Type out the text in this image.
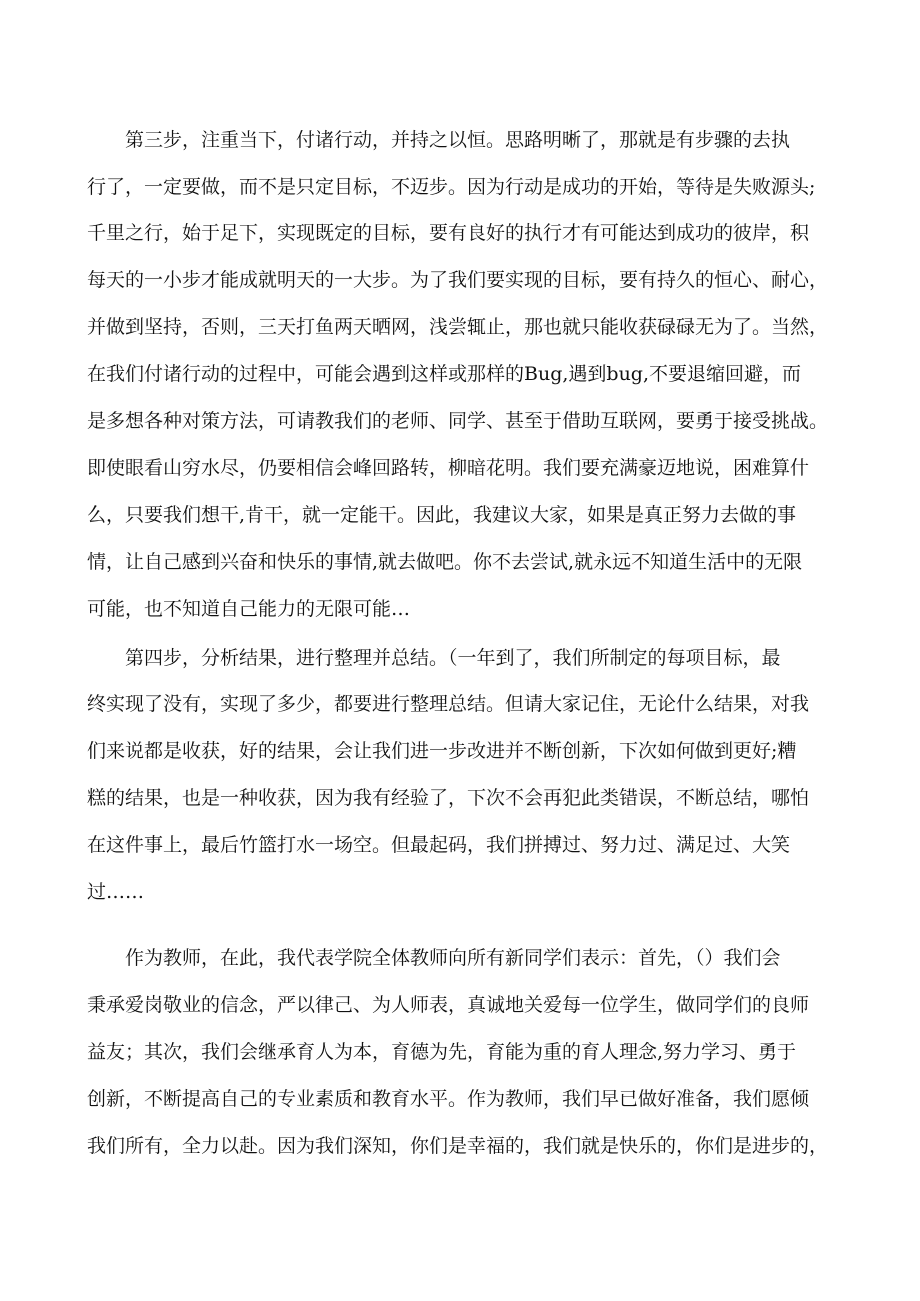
　　第三步，注重当下，付诸行动，并持之以恒。思路明晰了，那就是有步骤的去执
行了，一定要做，而不是只定目标，不迈步。因为行动是成功的开始，等待是失败源头;
千里之行，始于足下，实现既定的目标，要有良好的执行才有可能达到成功的彼岸，积
每天的一小步才能成就明天的一大步。为了我们要实现的目标，要有持久的恒心、耐心，
并做到坚持，否则，三天打鱼两天晒网，浅尝辄止，那也就只能收获碌碌无为了。当然，
在我们付诸行动的过程中，可能会遇到这样或那样的Bug,遇到bug,不要退缩回避，而
是多想各种对策方法，可请教我们的老师、同学、甚至于借助互联网，要勇于接受挑战。
即使眼看山穷水尽，仍要相信会峰回路转，柳暗花明。我们要充满豪迈地说，困难算什
么，只要我们想干,肯干，就一定能干。因此，我建议大家，如果是真正努力去做的事
情，让自己感到兴奋和快乐的事情,就去做吧。你不去尝试,就永远不知道生活中的无限
可能，也不知道自己能力的无限可能…
　　第四步，分析结果，进行整理并总结。（一年到了，我们所制定的每项目标，最
终实现了没有，实现了多少，都要进行整理总结。但请大家记住，无论什么结果，对我
们来说都是收获，好的结果，会让我们进一步改进并不断创新，下次如何做到更好;糟
糕的结果，也是一种收获，因为我有经验了，下次不会再犯此类错误，不断总结，哪怕
在这件事上，最后竹篮打水一场空。但最起码，我们拼搏过、努力过、满足过、大笑
过……
　　作为教师，在此，我代表学院全体教师向所有新同学们表示：首先，（）我们会
秉承爱岗敬业的信念，严以律己、为人师表，真诚地关爱每一位学生，做同学们的良师
益友；其次，我们会继承育人为本，育德为先，育能为重的育人理念,努力学习、勇于
创新，不断提高自己的专业素质和教育水平。作为教师，我们早已做好准备，我们愿倾
我们所有，全力以赴。因为我们深知，你们是幸福的，我们就是快乐的，你们是进步的，
